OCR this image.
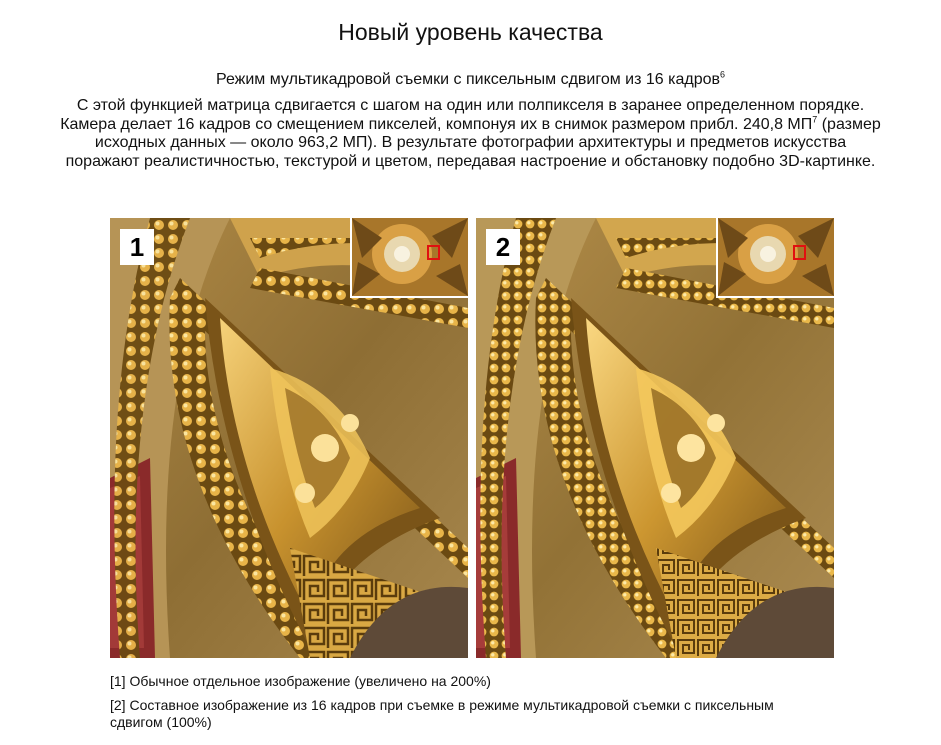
Новый уровень качества
Режим мультикадровой съемки с пиксельным сдвигом из 16 кадров$^6$
С этой функцией матрица сдвигается с шагом на один или полпикселя в заранее определенном порядке. Камера делает 16 кадров со смещением пикселей, компонуя их в снимок размером прибл. 240,8 $МП^7$ (размер исходных данных — около 963,2 МП). В результате фотографии архитектуры и предметов искусства поражают реалистичностью, текстурой и цветом, передавая настроение и обстановку подобно 3D-картинке.
1	2
[1] Обычное отдельное изображение (увеличено на 200%)
[2] Составное изображение из 16 кадров при съемке в режиме мультикадровой съемки с пиксельным сдвигом (100%)
